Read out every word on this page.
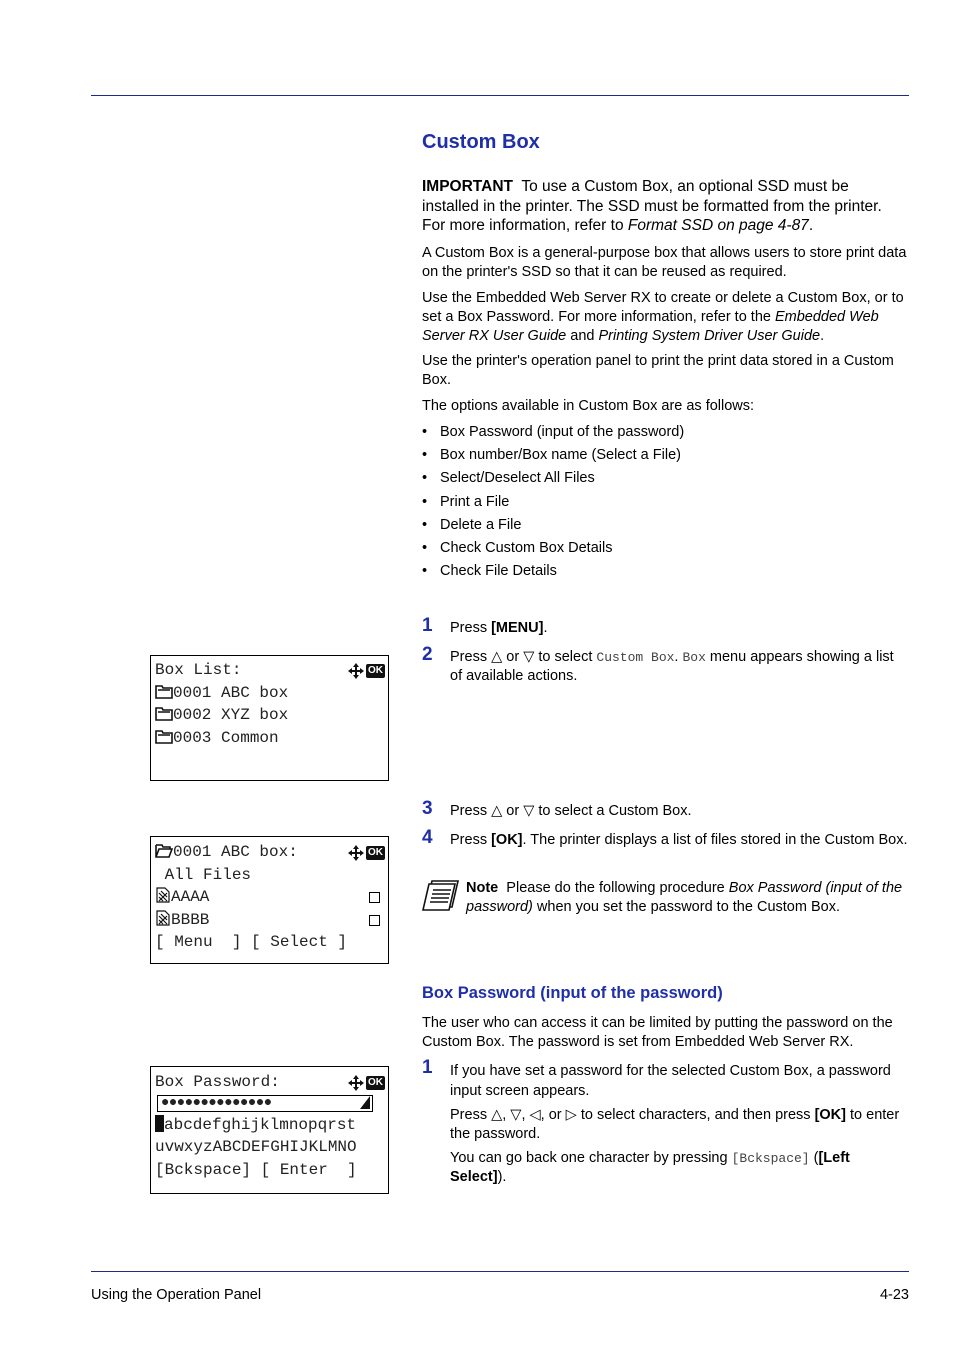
Custom Box

IMPORTANT To use a Custom Box, an optional SSD must be installed in the printer. The SSD must be formatted from the printer. For more information, refer to Format SSD on page 4-87.

A Custom Box is a general-purpose box that allows users to store print data on the printer's SSD so that it can be reused as required.

Use the Embedded Web Server RX to create or delete a Custom Box, or to set a Box Password. For more information, refer to the Embedded Web Server RX User Guide and Printing System Driver User Guide.

Use the printer's operation panel to print the print data stored in a Custom Box.

The options available in Custom Box are as follows:

• Box Password (input of the password)
• Box number/Box name (Select a File)
• Select/Deselect All Files
• Print a File
• Delete a File
• Check Custom Box Details
• Check File Details
1 Press [MENU].

2 Press △ or ▽ to select Custom Box. Box menu appears showing a list of available actions.

Box List:
	OK

0001 ABC box
0002 XYZ box
0003 Common
3 Press △ or ▽ to select a Custom Box.

4 Press [OK]. The printer displays a list of files stored in the Custom Box.

Note Please do the following procedure Box Password (input of the password) when you set the password to the Custom Box.

0001 ABC box:
	OK

All Files
AAAA
BBBB
[ Menu  ] [ Select ]
Box Password (input of the password)

The user who can access it can be limited by putting the password on the Custom Box. The password is set from Embedded Web Server RX.

1 If you have set a password for the selected Custom Box, a password input screen appears.

Press △, ▽, ◁, or ▷ to select characters, and then press [OK] to enter the password.

You can go back one character by pressing [Bckspace] ([Left Select]).

Box Password:
	OK

●●●●●●●●●●●●●●
abcdefghijklmnopqrst
uvwxyzABCDEFGHIJKLMNO
[Bckspace] [ Enter  ]
Using the Operation Panel	4-23
